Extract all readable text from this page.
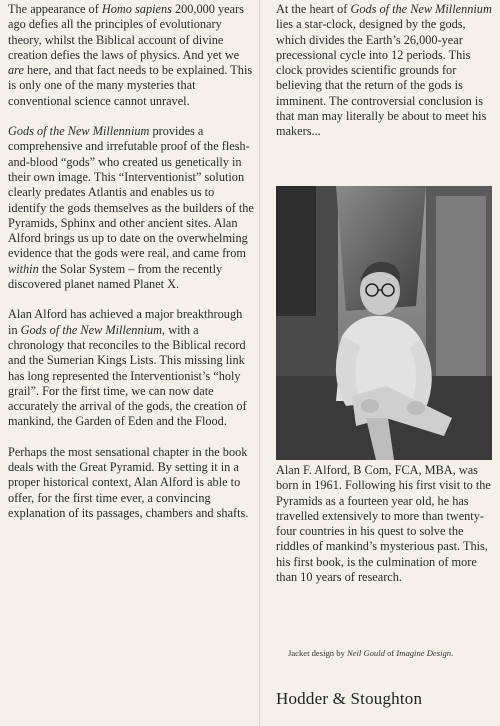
The appearance of Homo sapiens 200,000 years ago defies all the principles of evolutionary theory, whilst the Biblical account of divine creation defies the laws of physics. And yet we are here, and that fact needs to be explained. This is only one of the many mysteries that conventional science cannot unravel.

Gods of the New Millennium provides a comprehensive and irrefutable proof of the flesh-and-blood “gods” who created us genetically in their own image. This “Interventionist” solution clearly predates Atlantis and enables us to identify the gods themselves as the builders of the Pyramids, Sphinx and other ancient sites. Alan Alford brings us up to date on the overwhelming evidence that the gods were real, and came from within the Solar System – from the recently discovered planet named Planet X.

Alan Alford has achieved a major breakthrough in Gods of the New Millennium, with a chronology that reconciles to the Biblical record and the Sumerian Kings Lists. This missing link has long represented the Interventionist’s “holy grail”. For the first time, we can now date accurately the arrival of the gods, the creation of mankind, the Garden of Eden and the Flood.

Perhaps the most sensational chapter in the book deals with the Great Pyramid. By setting it in a proper historical context, Alan Alford is able to offer, for the first time ever, a convincing explanation of its passages, chambers and shafts.

At the heart of Gods of the New Millennium lies a star-clock, designed by the gods, which divides the Earth’s 26,000-year precessional cycle into 12 periods. This clock provides scientific grounds for believing that the return of the gods is imminent. The controversial conclusion is that man may literally be about to meet his makers...

Alan F. Alford, B Com, FCA, MBA, was born in 1961. Following his first visit to the Pyramids as a fourteen year old, he has travelled extensively to more than twenty-four countries in his quest to solve the riddles of mankind’s mysterious past. This, his first book, is the culmination of more than 10 years of research.
Jacket design by Neil Gould of Imagine Design.
Hodder & Stoughton
